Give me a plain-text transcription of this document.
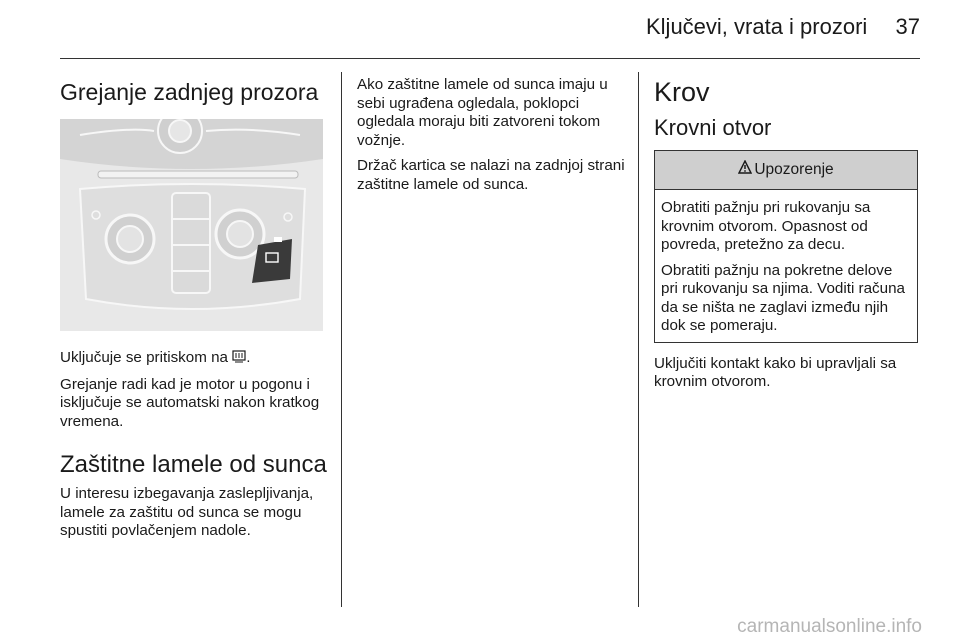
Ključevi, vrata i prozori 37
Grejanje zadnjeg prozora

Uključuje se pritiskom na .

Grejanje radi kad je motor u pogonu i isključuje se automatski nakon kratkog vremena.

Zaštitne lamele od sunca

U interesu izbegavanja zaslepljivanja, lamele za zaštitu od sunca se mogu spustiti povlačenjem nadole.

Ako zaštitne lamele od sunca imaju u sebi ugrađena ogledala, poklopci ogledala moraju biti zatvoreni tokom vožnje.

Držač kartica se nalazi na zadnjoj strani zaštitne lamele od sunca.

Krov
Krovni otvor
Upozorenje

Obratiti pažnju pri rukovanju sa krovnim otvorom. Opasnost od povreda, pretežno za decu.

Obratiti pažnju na pokretne delove pri rukovanju sa njima. Voditi računa da se ništa ne zaglavi između njih dok se pomeraju.

Uključiti kontakt kako bi upravljali sa krovnim otvorom.

carmanualsonline.info
